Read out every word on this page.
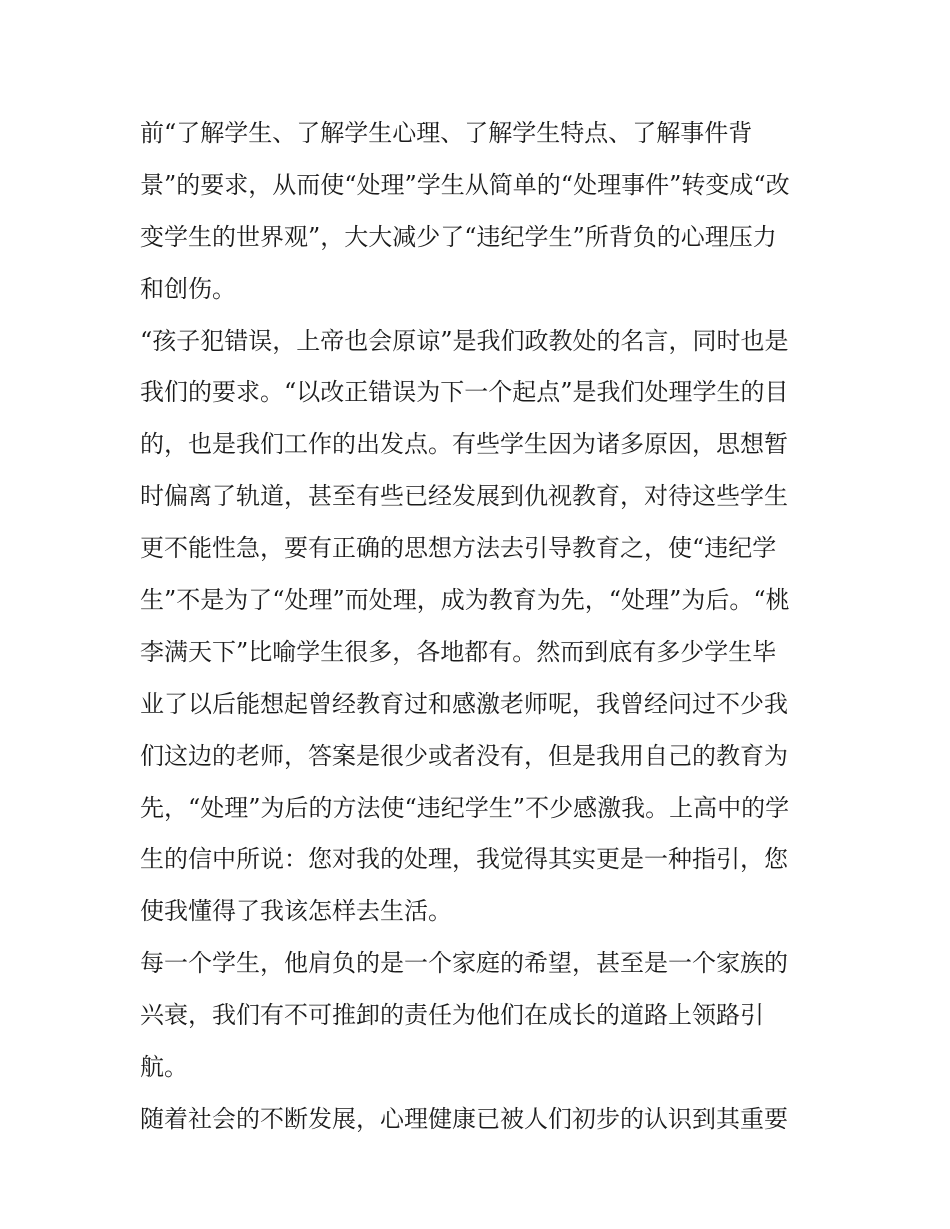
前“了解学生、了解学生心理、了解学生特点、了解事件背
景”的要求，从而使“处理”学生从简单的“处理事件”转变成“改
变学生的世界观”，大大减少了“违纪学生”所背负的心理压力
和创伤。
“孩子犯错误，上帝也会原谅”是我们政教处的名言，同时也是
我们的要求。“以改正错误为下一个起点”是我们处理学生的目
的，也是我们工作的出发点。有些学生因为诸多原因，思想暂
时偏离了轨道，甚至有些已经发展到仇视教育，对待这些学生
更不能性急，要有正确的思想方法去引导教育之，使“违纪学
生”不是为了“处理”而处理，成为教育为先，“处理”为后。“桃
李满天下”比喻学生很多，各地都有。然而到底有多少学生毕
业了以后能想起曾经教育过和感激老师呢，我曾经问过不少我
们这边的老师，答案是很少或者没有，但是我用自己的教育为
先，“处理”为后的方法使“违纪学生”不少感激我。上高中的学
生的信中所说：您对我的处理，我觉得其实更是一种指引，您
使我懂得了我该怎样去生活。
每一个学生，他肩负的是一个家庭的希望，甚至是一个家族的
兴衰，我们有不可推卸的责任为他们在成长的道路上领路引
航。
随着社会的不断发展，心理健康已被人们初步的认识到其重要
